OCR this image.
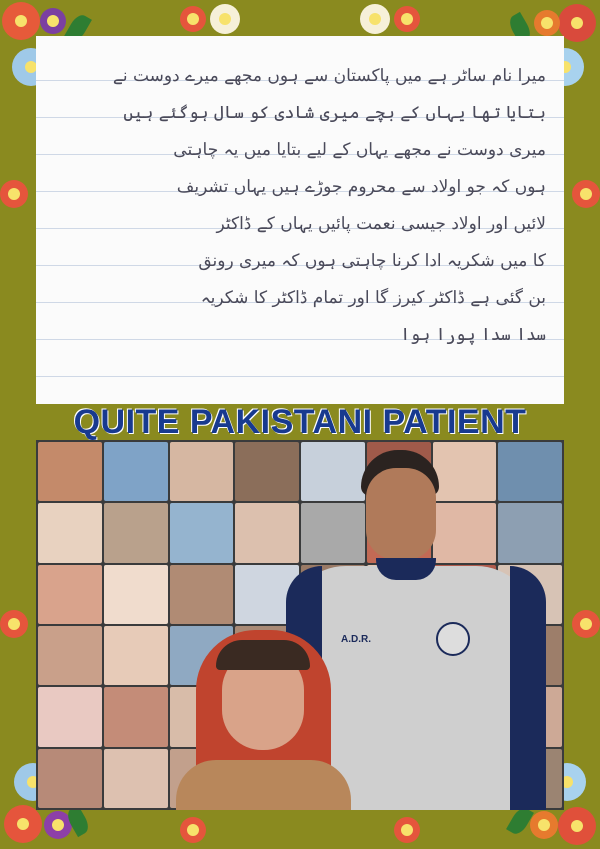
میرا نام ساٹر ہے میں پاکستان سے ہوں مجھے میرے دوست نے
بتایا تھا یہاں کے بچے میری شادی کو سال ہوگئے ہیں
میری دوست نے مجھے یہاں کے لیے بتایا میں یہ چاہتی
ہوں کہ جو اولاد سے محروم جوڑے ہیں یہاں تشریف
لائیں اور اولاد جیسی نعمت پائیں یہاں کے ڈاکٹر
کا میں شکریہ ادا کرنا چاہتی ہوں کہ میری رونق
بن گئی ہے ڈاکٹر کیرز گا اور تمام ڈاکٹر کا شکریہ
سدا سدا پورا ہوا
QUITE PAKISTANI PATIENT
A.D.R.
